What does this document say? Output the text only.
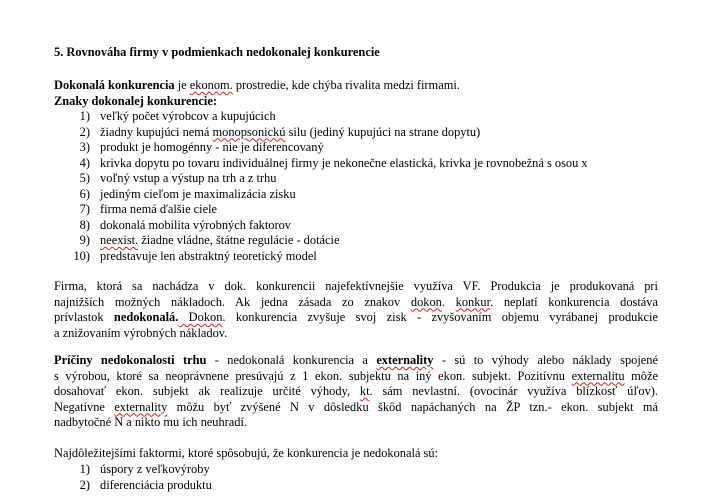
5. Rovnováha firmy v podmienkach nedokonalej konkurencie
Dokonalá konkurencia je ekonom. prostredie, kde chýba rivalita medzi firmami.
Znaky dokonalej konkurencie:
1) veľký počet výrobcov a kupujúcich
2) žiadny kupujúci nemá monopsonickú silu (jediný kupujúci na strane dopytu)
3) produkt je homogénny - nie je diferencovaný
4) krivka dopytu po tovaru individuálnej firmy je nekonečne elastická, krivka je rovnobežná s osou x
5) voľný vstup a výstup na trh a z trhu
6) jediným cieľom je maximalizácia zisku
7) firma nemá ďalšie ciele
8) dokonalá mobilita výrobných faktorov
9) neexist. žiadne vládne, štátne regulácie - dotácie
10) predstavuje len abstraktný teoretický model
Firma, ktorá sa nachádza v dok. konkurencii najefektívnejšie využíva VF. Produkcia je produkovaná pri
najnižších možných nákladoch. Ak jedna zásada zo znakov dokon. konkur. neplatí konkurencia dostáva
prívlastok nedokonalá. Dokon. konkurencia zvyšuje svoj zisk - zvyšovaním objemu vyrábanej produkcie
a znižovaním výrobných nákladov.
Príčiny nedokonalosti trhu - nedokonalá konkurencia a externality - sú to výhody alebo náklady spojené
s výrobou, ktoré sa neoprávnene presúvajú z 1 ekon. subjektu na iný ekon. subjekt. Pozitívnu externalitu môže
dosahovať ekon. subjekt ak realizuje určité výhody, kt. sám nevlastní. (ovocinár využíva blízkosť úľov).
Negatívne externality môžu byť zvýšené N v dôsledku škôd napáchaných na ŽP tzn.- ekon. subjekt má
nadbytočné N a nikto mu ich neuhradí.
Najdôležitejšími faktormi, ktoré spôsobujú, že konkurencia je nedokonalá sú:
1) úspory z veľkovýroby
2) diferenciácia produktu
